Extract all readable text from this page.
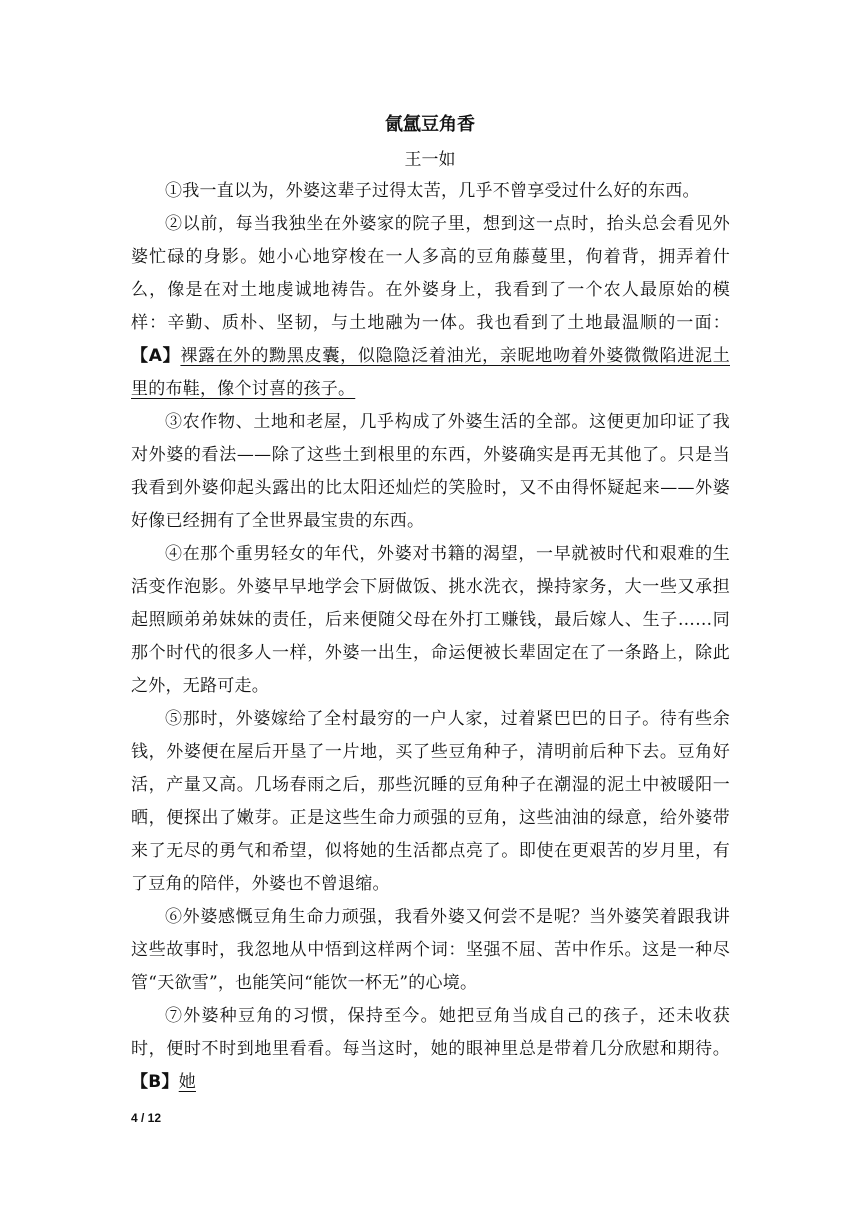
氤氲豆角香
王一如

①我一直以为，外婆这辈子过得太苦，几乎不曾享受过什么好的东西。

②以前，每当我独坐在外婆家的院子里，想到这一点时，抬头总会看见外婆忙碌的身影。她小心地穿梭在一人多高的豆角藤蔓里，佝着背，拥弄着什么，像是在对土地虔诚地祷告。在外婆身上，我看到了一个农人最原始的模样：辛勤、质朴、坚韧，与土地融为一体。我也看到了土地最温顺的一面：【A】裸露在外的黝黑皮囊，似隐隐泛着油光，亲昵地吻着外婆微微陷进泥土里的布鞋，像个讨喜的孩子。

③农作物、土地和老屋，几乎构成了外婆生活的全部。这便更加印证了我对外婆的看法——除了这些土到根里的东西，外婆确实是再无其他了。只是当我看到外婆仰起头露出的比太阳还灿烂的笑脸时，又不由得怀疑起来——外婆好像已经拥有了全世界最宝贵的东西。

④在那个重男轻女的年代，外婆对书籍的渴望，一早就被时代和艰难的生活变作泡影。外婆早早地学会下厨做饭、挑水洗衣，操持家务，大一些又承担起照顾弟弟妹妹的责任，后来便随父母在外打工赚钱，最后嫁人、生子……同那个时代的很多人一样，外婆一出生，命运便被长辈固定在了一条路上，除此之外，无路可走。

⑤那时，外婆嫁给了全村最穷的一户人家，过着紧巴巴的日子。待有些余钱，外婆便在屋后开垦了一片地，买了些豆角种子，清明前后种下去。豆角好活，产量又高。几场春雨之后，那些沉睡的豆角种子在潮湿的泥土中被暖阳一晒，便探出了嫩芽。正是这些生命力顽强的豆角，这些油油的绿意，给外婆带来了无尽的勇气和希望，似将她的生活都点亮了。即使在更艰苦的岁月里，有了豆角的陪伴，外婆也不曾退缩。

⑥外婆感慨豆角生命力顽强，我看外婆又何尝不是呢？当外婆笑着跟我讲这些故事时，我忽地从中悟到这样两个词：坚强不屈、苦中作乐。这是一种尽管“天欲雪”，也能笑问“能饮一杯无”的心境。

⑦外婆种豆角的习惯，保持至今。她把豆角当成自己的孩子，还未收获时，便时不时到地里看看。每当这时，她的眼神里总是带着几分欣慰和期待。【B】她

4 / 12
